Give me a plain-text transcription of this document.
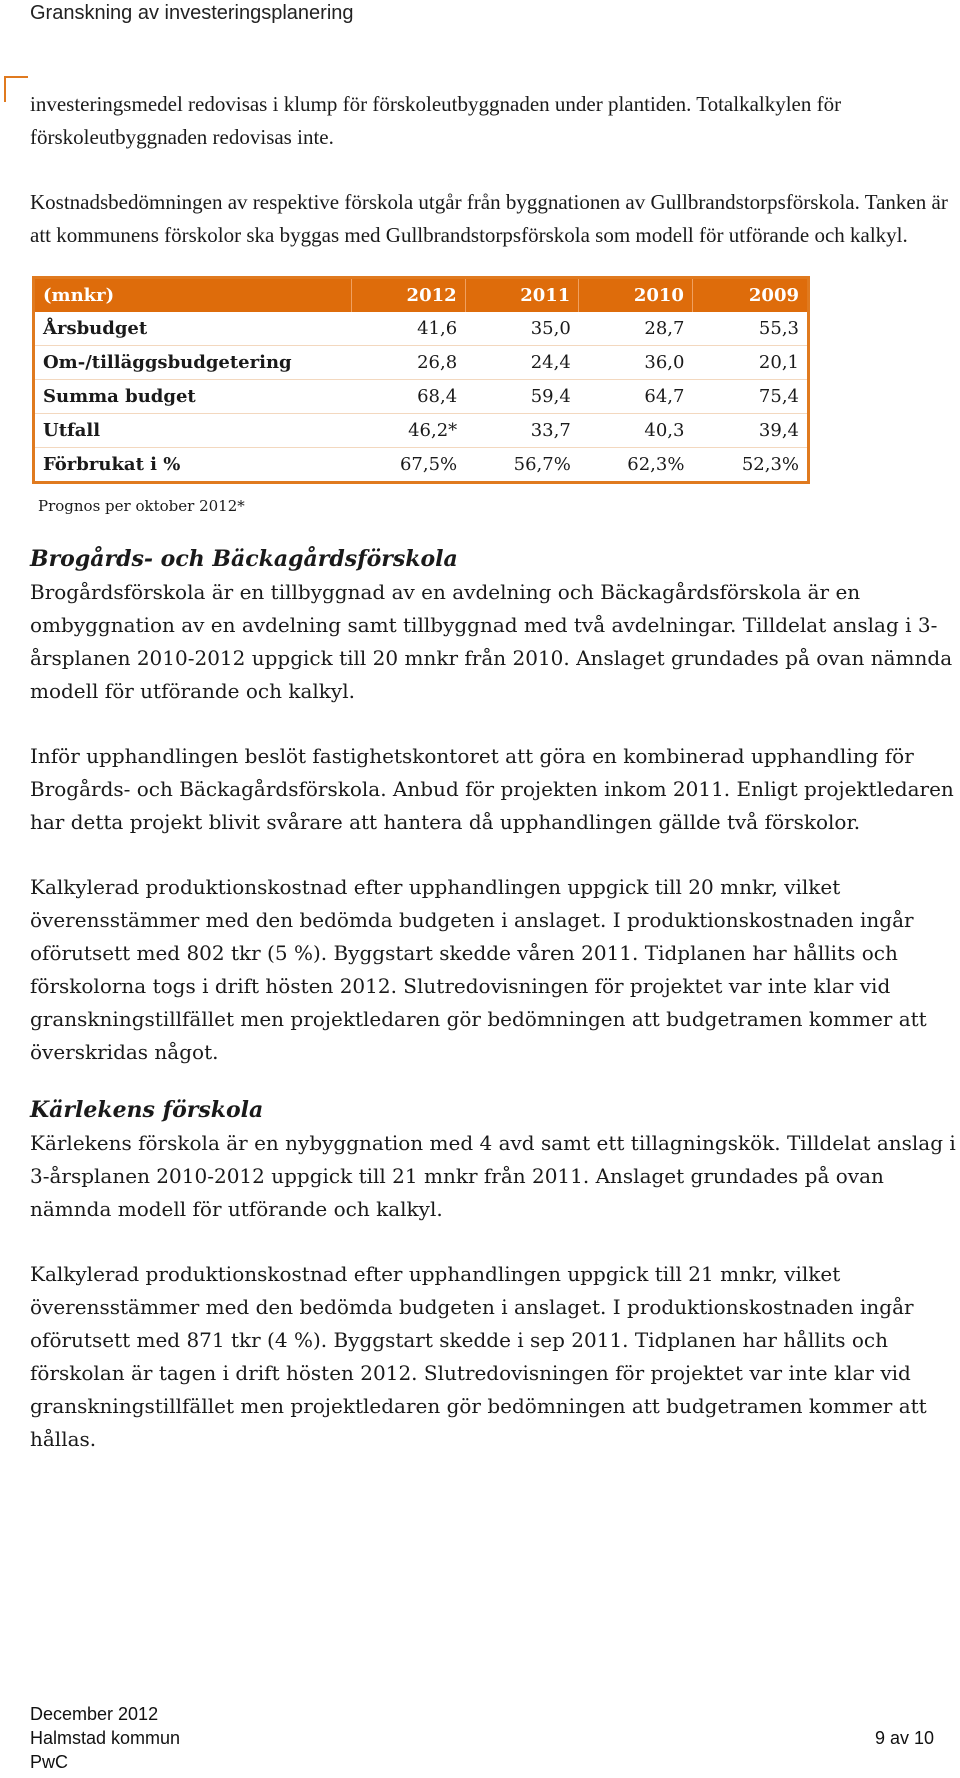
Granskning av investeringsplanering

investeringsmedel redovisas i klump för förskoleutbyggnaden under plantiden. Totalkalkylen för förskoleutbyggnaden redovisas inte.

Kostnadsbedömningen av respektive förskola utgår från byggnationen av Gullbrandstorpsförskola. Tanken är att kommunens förskolor ska byggas med Gullbrandstorpsförskola som modell för utförande och kalkyl.

(mnkr)	2012	2011	2010	2009
Årsbudget	41,6	35,0	28,7	55,3
Om-/tilläggsbudgetering	26,8	24,4	36,0	20,1
Summa budget	68,4	59,4	64,7	75,4
Utfall	46,2*	33,7	40,3	39,4
Förbrukat i %	67,5%	56,7%	62,3%	52,3%
Prognos per oktober 2012*
Brogårds- och Bäckagårdsförskola

Brogårdsförskola är en tillbyggnad av en avdelning och Bäckagårdsförskola är en ombyggnation av en avdelning samt tillbyggnad med två avdelningar. Tilldelat anslag i 3-årsplanen 2010-2012 uppgick till 20 mnkr från 2010. Anslaget grundades på ovan nämnda modell för utförande och kalkyl.

Inför upphandlingen beslöt fastighetskontoret att göra en kombinerad upphandling för Brogårds- och Bäckagårdsförskola. Anbud för projekten inkom 2011. Enligt projektledaren har detta projekt blivit svårare att hantera då upphandlingen gällde två förskolor.

Kalkylerad produktionskostnad efter upphandlingen uppgick till 20 mnkr, vilket överensstämmer med den bedömda budgeten i anslaget. I produktionskostnaden ingår oförutsett med 802 tkr (5 %). Byggstart skedde våren 2011. Tidplanen har hållits och förskolorna togs i drift hösten 2012. Slutredovisningen för projektet var inte klar vid granskningstillfället men projektledaren gör bedömningen att budgetramen kommer att överskridas något.

Kärlekens förskola

Kärlekens förskola är en nybyggnation med 4 avd samt ett tillagningskök. Tilldelat anslag i 3-årsplanen 2010-2012 uppgick till 21 mnkr från 2011. Anslaget grundades på ovan nämnda modell för utförande och kalkyl.

Kalkylerad produktionskostnad efter upphandlingen uppgick till 21 mnkr, vilket överensstämmer med den bedömda budgeten i anslaget. I produktionskostnaden ingår oförutsett med 871 tkr (4 %). Byggstart skedde i sep 2011. Tidplanen har hållits och förskolan är tagen i drift hösten 2012. Slutredovisningen för projektet var inte klar vid granskningstillfället men projektledaren gör bedömningen att budgetramen kommer att hållas.

December 2012
Halmstad kommun
PwC
9 av 10
